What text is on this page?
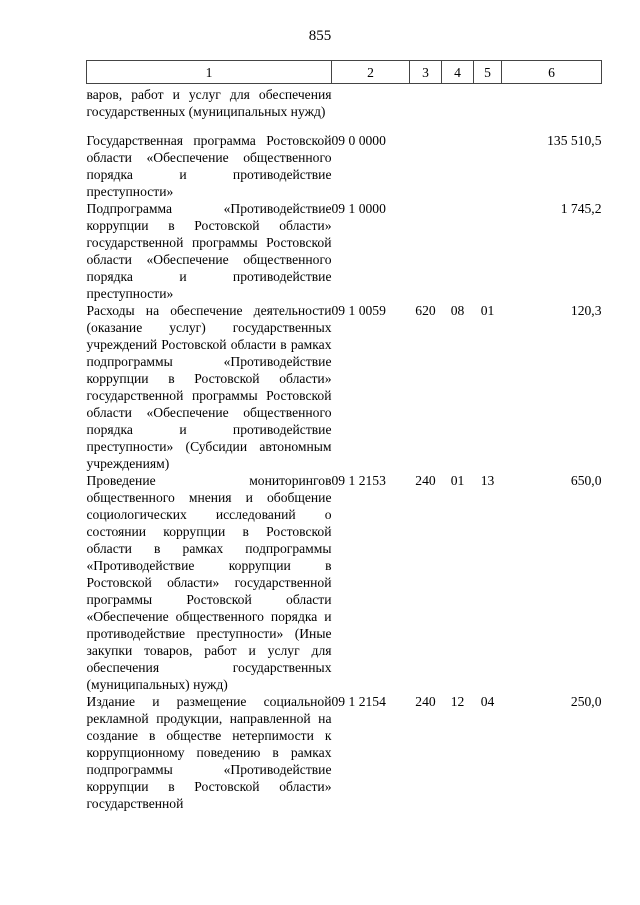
855
1	2	3	4	5	6
варов, работ и услуг для обеспечения государственных (муниципальных нужд)					
Государственная программа Ростовской области «Обеспечение общественного порядка и противодействие преступности»	09 0 0000				135 510,5
Подпрограмма «Противодействие коррупции в Ростовской области» государственной программы Ростовской области «Обеспечение общественного порядка и противодействие преступности»	09 1 0000				1 745,2
Расходы на обеспечение деятельности (оказание услуг) государственных учреждений Ростовской области в рамках подпрограммы «Противодействие коррупции в Ростовской области» государственной программы Ростовской области «Обеспечение общественного порядка и противодействие преступности» (Субсидии автономным учреждениям)	09 1 0059	620	08	01	120,3
Проведение мониторингов общественного мнения и обобщение социологических исследований о состоянии коррупции в Ростовской области в рамках подпрограммы «Противодействие коррупции в Ростовской области» государственной программы Ростовской области «Обеспечение общественного порядка и противодействие преступности» (Иные закупки товаров, работ и услуг для обеспечения государственных (муниципальных) нужд)	09 1 2153	240	01	13	650,0
Издание и размещение социальной рекламной продукции, направленной на создание в обществе нетерпимости к коррупционному поведению в рамках подпрограммы «Противодействие коррупции в Ростовской области» государственной	09 1 2154	240	12	04	250,0
